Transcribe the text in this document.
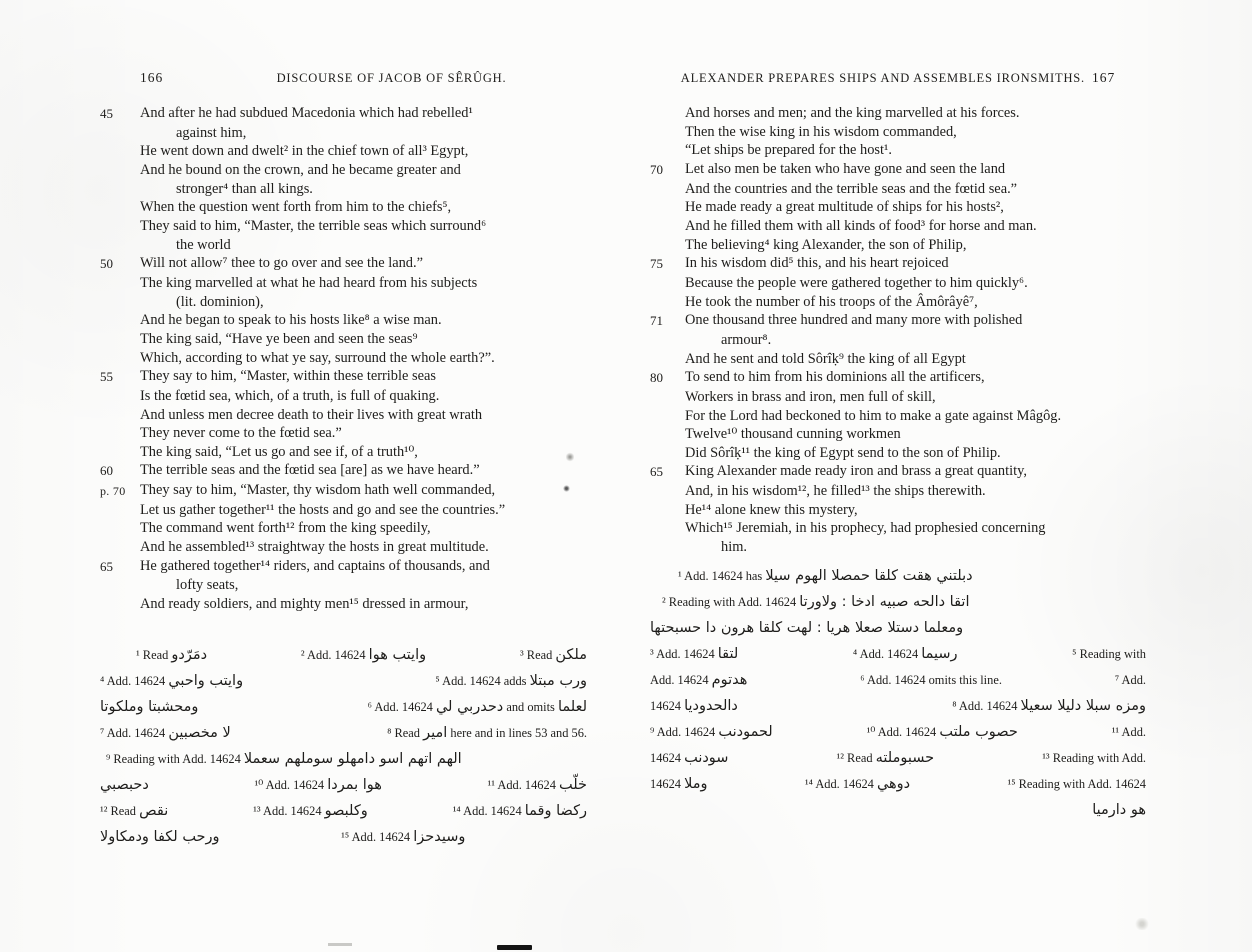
166	DISCOURSE OF JACOB OF SÊRÛGH.
45	And after he had subdued Macedonia which had rebelled¹
against him,
He went down and dwelt² in the chief town of all³ Egypt,
And he bound on the crown, and he became greater and
stronger⁴ than all kings.
When the question went forth from him to the chiefs⁵,
They said to him, “Master, the terrible seas which surround⁶
the world
50	Will not allow⁷ thee to go over and see the land.”
The king marvelled at what he had heard from his subjects
(lit. dominion),
And he began to speak to his hosts like⁸ a wise man.
The king said, “Have ye been and seen the seas⁹
Which, according to what ye say, surround the whole earth?”.
55	They say to him, “Master, within these terrible seas
Is the fœtid sea, which, of a truth, is full of quaking.
And unless men decree death to their lives with great wrath
They never come to the fœtid sea.”
The king said, “Let us go and see if, of a truth¹⁰,
60	The terrible seas and the fœtid sea [are] as we have heard.”
p. 70	They say to him, “Master, thy wisdom hath well commanded,
Let us gather together¹¹ the hosts and go and see the countries.”
The command went forth¹² from the king speedily,
And he assembled¹³ straightway the hosts in great multitude.
65	He gathered together¹⁴ riders, and captains of thousands, and
lofty seats,
And ready soldiers, and mighty men¹⁵ dressed in armour,
¹ Read دمَرّدو	² Add. 14624 وايتب هوا	³ Read ملكن
⁴ Add. 14624 وايتب واحبي	⁵ Add. 14624 adds ورب مبتلا
ومحشبتا وملكوتا	⁶ Add. 14624 دحدربي لي and omits لعلما
⁷ Add. 14624 لا مخصبين	⁸ Read امير here and in lines 53 and 56.
⁹ Reading with Add. 14624 الهم اتهم اسو دامهلو سوملهم سعملا
دحبصبي	¹⁰ Add. 14624 هوا بمردا	¹¹ Add. 14624 خلّب
¹² Read نقص	¹³ Add. 14624 وكلبصو	¹⁴ Add. 14624 ركضا وقما
ورحب لكفا ودمكاولا	¹⁵ Add. 14624 وسيدحزا
ALEXANDER PREPARES SHIPS AND ASSEMBLES IRONSMITHS. 167
And horses and men; and the king marvelled at his forces.
Then the wise king in his wisdom commanded,
“Let ships be prepared for the host¹.
70	Let also men be taken who have gone and seen the land
And the countries and the terrible seas and the fœtid sea.”
He made ready a great multitude of ships for his hosts²,
And he filled them with all kinds of food³ for horse and man.
The believing⁴ king Alexander, the son of Philip,
75	In his wisdom did⁵ this, and his heart rejoiced
Because the people were gathered together to him quickly⁶.
He took the number of his troops of the Âmôrâyê⁷,
71	One thousand three hundred and many more with polished
armour⁸.
And he sent and told Sôrîḳ⁹ the king of all Egypt
80	To send to him from his dominions all the artificers,
Workers in brass and iron, men full of skill,
For the Lord had beckoned to him to make a gate against Mâgôg.
Twelve¹⁰ thousand cunning workmen
Did Sôrîḳ¹¹ the king of Egypt send to the son of Philip.
65	King Alexander made ready iron and brass a great quantity,
And, in his wisdom¹², he filled¹³ the ships therewith.
He¹⁴ alone knew this mystery,
Which¹⁵ Jeremiah, in his prophecy, had prophesied concerning
him.
¹ Add. 14624 has دبلتني هقت كلقا حمصلا الهوم سيلا
² Reading with Add. 14624 اتقا دالحه صبيه ادخا : ولاورتا
ومعلما دستلا صعلا هريا : لهت كلقا هرون دا حسبحتها
³ Add. 14624 لتقا	⁴ Add. 14624 رسيما	⁵ Reading with
Add. 14624 هدتوم	⁶ Add. 14624 omits this line.	⁷ Add.
14624 دالحدوديا	⁸ Add. 14624 ومزه سبلا دليلا سعيلا
⁹ Add. 14624 لحمودنب	¹⁰ Add. 14624 حصوب ملتب	¹¹ Add.
14624 سودنب	¹² Read حسبوملته	¹³ Reading with Add.
14624 وملا	¹⁴ Add. 14624 دوهي	¹⁵ Reading with Add. 14624
هو دارميا
